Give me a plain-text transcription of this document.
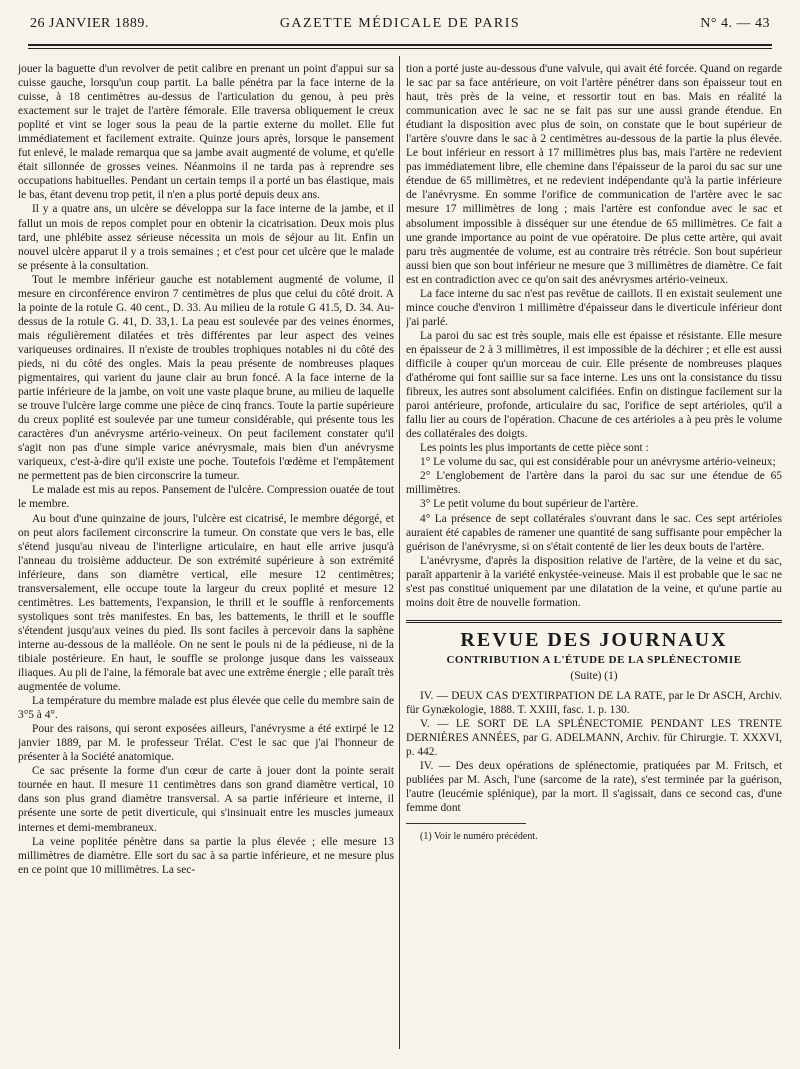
26 JANVIER 1889.	GAZETTE MÉDICALE DE PARIS	N° 4. — 43

jouer la baguette d'un revolver de petit calibre en prenant un point d'appui sur sa cuisse gauche, lorsqu'un coup partit. La balle pénétra par la face interne de la cuisse, à 18 centimètres au-dessus de l'articulation du genou, à peu près exactement sur le trajet de l'artère fémorale. Elle traversa obliquement le creux poplité et vint se loger sous la peau de la partie externe du mollet. Elle fut immédiatement et facilement extraite. Quinze jours après, lorsque le pansement fut enlevé, le malade remarqua que sa jambe avait augmenté de volume, et qu'elle était sillonnée de grosses veines. Néanmoins il ne tarda pas à reprendre ses occupations habituelles. Pendant un certain temps il a porté un bas élastique, mais le bas, étant devenu trop petit, il n'en a plus porté depuis deux ans.

Il y a quatre ans, un ulcère se développa sur la face interne de la jambe, et il fallut un mois de repos complet pour en obtenir la cicatrisation. Deux mois plus tard, une phlébite assez sérieuse nécessita un mois de séjour au lit. Enfin un nouvel ulcère apparut il y a trois semaines ; et c'est pour cet ulcère que le malade se présente à la consultation.

Tout le membre inférieur gauche est notablement augmenté de volume, il mesure en circonférence environ 7 centimètres de plus que celui du côté droit. A la pointe de la rotule G. 40 cent., D. 33. Au milieu de la rotule G 41.5, D. 34. Au-dessus de la rotule G. 41, D. 33,1. La peau est soulevée par des veines énormes, mais régulièrement dilatées et très différentes par leur aspect des veines variqueuses ordinaires. Il n'existe de troubles trophiques notables ni du côté des pieds, ni du côté des ongles. Mais la peau présente de nombreuses plaques pigmentaires, qui varient du jaune clair au brun foncé. A la face interne de la partie inférieure de la jambe, on voit une vaste plaque brune, au milieu de laquelle se trouve l'ulcère large comme une pièce de cinq francs. Toute la partie supérieure du creux poplité est soulevée par une tumeur considérable, qui présente tous les caractères d'un anévrysme artério-veineux. On peut facilement constater qu'il s'agit non pas d'une simple varice anévrysmale, mais bien d'un anévrysme variqueux, c'est-à-dire qu'il existe une poche. Toutefois l'œdème et l'empâtement ne permettent pas de bien circonscrire la tumeur.

Le malade est mis au repos. Pansement de l'ulcère. Compression ouatée de tout le membre.

Au bout d'une quinzaine de jours, l'ulcère est cicatrisé, le membre dégorgé, et on peut alors facilement circonscrire la tumeur. On constate que vers le bas, elle s'étend jusqu'au niveau de l'interligne articulaire, en haut elle arrive jusqu'à l'anneau du troisième adducteur. De son extrémité supérieure à son extrémité inférieure, dans son diamètre vertical, elle mesure 12 centimètres; transversalement, elle occupe toute la largeur du creux poplité et mesure 12 centimètres. Les battements, l'expansion, le thrill et le souffle à renforcements systoliques sont très manifestes. En bas, les battements, le thrill et le souffle s'étendent jusqu'aux veines du pied. Ils sont faciles à percevoir dans la saphène interne au-dessous de la malléole. On ne sent le pouls ni de la pédieuse, ni de la tibiale postérieure. En haut, le souffle se prolonge jusque dans les vaisseaux iliaques. Au pli de l'aine, la fémorale bat avec une extrême énergie ; elle paraît très augmentée de volume.

La température du membre malade est plus élevée que celle du membre sain de 3°5 à 4°.

Pour des raisons, qui seront exposées ailleurs, l'anévrysme a été extirpé le 12 janvier 1889, par M. le professeur Trélat. C'est le sac que j'ai l'honneur de présenter à la Société anatomique.

Ce sac présente la forme d'un cœur de carte à jouer dont la pointe serait tournée en haut. Il mesure 11 centimètres dans son grand diamètre vertical, 10 dans son plus grand diamètre transversal. A sa partie inférieure et interne, il présente une sorte de petit diverticule, qui s'insinuait entre les muscles jumeaux internes et demi-membraneux.

La veine poplitée pénètre dans sa partie la plus élevée ; elle mesure 13 millimètres de diamètre. Elle sort du sac à sa partie inférieure, et ne mesure plus en ce point que 10 millimètres. La sec-

tion a porté juste au-dessous d'une valvule, qui avait été forcée. Quand on regarde le sac par sa face antérieure, on voit l'artère pénétrer dans son épaisseur tout en haut, très près de la veine, et ressortir tout en bas. Mais en réalité la communication avec le sac ne se fait pas sur une aussi grande étendue. En étudiant la disposition avec plus de soin, on constate que le bout supérieur de l'artère s'ouvre dans le sac à 2 centimètres au-dessous de la partie la plus élevée. Le bout inférieur en ressort à 17 millimètres plus bas, mais l'artère ne redevient pas immédiatement libre, elle chemine dans l'épaisseur de la paroi du sac sur une étendue de 65 millimètres, et ne redevient indépendante qu'à la partie inférieure de l'anévrysme. En somme l'orifice de communication de l'artère avec le sac mesure 17 millimètres de long ; mais l'artère est confondue avec le sac et absolument impossible à disséquer sur une étendue de 65 millimètres. Ce fait a une grande importance au point de vue opératoire. De plus cette artère, qui avait paru très augmentée de volume, est au contraire très rétrécie. Son bout supérieur aussi bien que son bout inférieur ne mesure que 3 millimètres de diamètre. Ce fait est en contradiction avec ce qu'on sait des anévrysmes artério-veineux.

La face interne du sac n'est pas revêtue de caillots. Il en existait seulement une mince couche d'environ 1 millimètre d'épaisseur dans le diverticule inférieur dont j'ai parlé.

La paroi du sac est très souple, mais elle est épaisse et résistante. Elle mesure en épaisseur de 2 à 3 millimètres, il est impossible de la déchirer ; et elle est aussi difficile à couper qu'un morceau de cuir. Elle présente de nombreuses plaques d'athérome qui font saillie sur sa face interne. Les uns ont la consistance du tissu fibreux, les autres sont absolument calcifiées. Enfin on distingue facilement sur la paroi antérieure, profonde, articulaire du sac, l'orifice de sept artérioles, qu'il a fallu lier au cours de l'opération. Chacune de ces artérioles a à peu près le volume des collatérales des doigts.

Les points les plus importants de cette pièce sont :

1° Le volume du sac, qui est considérable pour un anévrysme artério-veineux;

2° L'englobement de l'artère dans la paroi du sac sur une étendue de 65 millimètres.

3° Le petit volume du bout supérieur de l'artère.

4° La présence de sept collatérales s'ouvrant dans le sac. Ces sept artérioles auraient été capables de ramener une quantité de sang suffisante pour empêcher la guérison de l'anévrysme, si on s'était contenté de lier les deux bouts de l'artère.

L'anévrysme, d'après la disposition relative de l'artère, de la veine et du sac, paraît appartenir à la variété enkystée-veineuse. Mais il est probable que le sac ne s'est pas constitué uniquement par une dilatation de la veine, et qu'une partie au moins doit être de nouvelle formation.

REVUE DES JOURNAUX
CONTRIBUTION A L'ÉTUDE DE LA SPLÉNECTOMIE
(Suite) (1)

IV. — DEUX CAS D'EXTIRPATION DE LA RATE, par le Dr ASCH, Archiv. für Gynækologie, 1888. T. XXIII, fasc. 1. p. 130.

V. — LE SORT DE LA SPLÉNECTOMIE PENDANT LES TRENTE DERNIÈRES ANNÉES, par G. ADELMANN, Archiv. für Chirurgie. T. XXXVI, p. 442.

IV. — Des deux opérations de splénectomie, pratiquées par M. Fritsch, et publiées par M. Asch, l'une (sarcome de la rate), s'est terminée par la guérison, l'autre (leucémie splénique), par la mort. Il s'agissait, dans ce second cas, d'une femme dont

(1) Voir le numéro précédent.
